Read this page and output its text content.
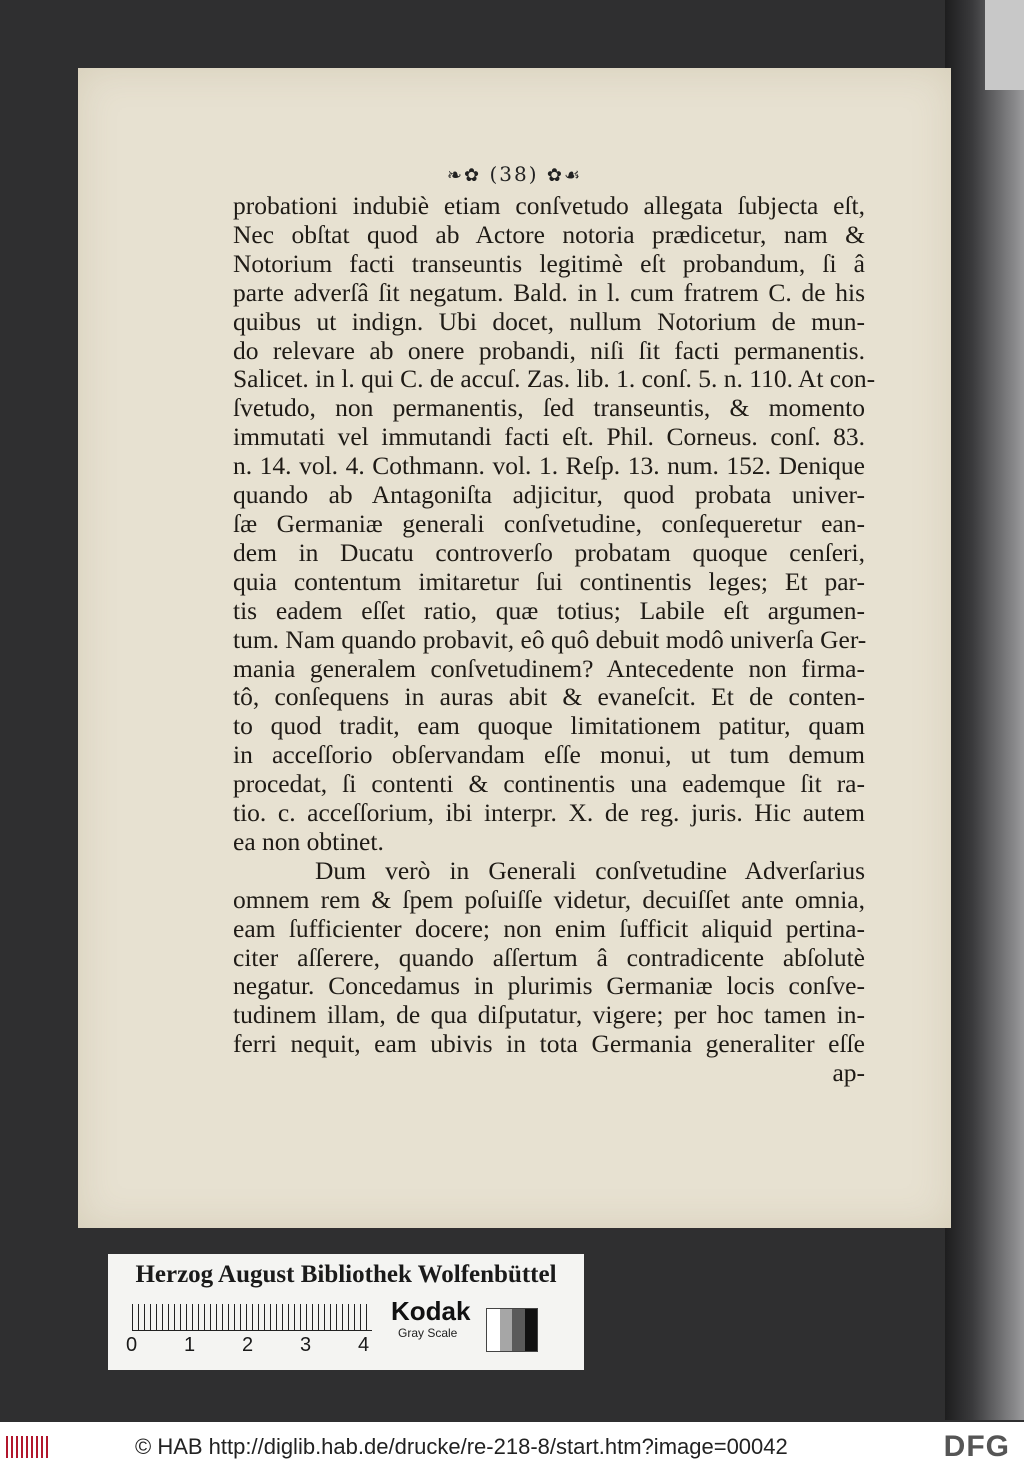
❧✿ (38) ✿☙
probationi indubiè etiam conſvetudo allegata ſubjecta eſt,
Nec obſtat quod ab Actore notoria prædicetur, nam &
Notorium facti transeuntis legitimè eſt probandum, ſi â
parte adverſâ ſit negatum. Bald. in l. cum fratrem C. de his
quibus ut indign. Ubi docet, nullum Notorium de mun-
do relevare ab onere probandi, niſi ſit facti permanentis.
Salicet. in l. qui C. de accuſ. Zas. lib. 1. conſ. 5. n. 110. At con-
ſvetudo, non permanentis, ſed transeuntis, & momento
immutati vel immutandi facti eſt. Phil. Corneus. conſ. 83.
n. 14. vol. 4. Cothmann. vol. 1. Reſp. 13. num. 152. Denique
quando ab Antagoniſta adjicitur, quod probata univer-
ſæ Germaniæ generali conſvetudine, conſequeretur ean-
dem in Ducatu controverſo probatam quoque cenſeri,
quia contentum imitaretur ſui continentis leges; Et par-
tis eadem eſſet ratio, quæ totius; Labile eſt argumen-
tum. Nam quando probavit, eô quô debuit modô univerſa Ger-
mania generalem conſvetudinem? Antecedente non firma-
tô, conſequens in auras abit & evaneſcit. Et de conten-
to quod tradit, eam quoque limitationem patitur, quam
in acceſſorio obſervandam eſſe monui, ut tum demum
procedat, ſi contenti & continentis una eademque ſit ra-
tio. c. acceſſorium, ibi interpr. X. de reg. juris. Hic autem
ea non obtinet.
Dum verò in Generali conſvetudine Adverſarius
omnem rem & ſpem poſuiſſe videtur, decuiſſet ante omnia,
eam ſufficienter docere; non enim ſufficit aliquid pertina-
citer aſſerere, quando aſſertum â contradicente abſolutè
negatur. Concedamus in plurimis Germaniæ locis conſve-
tudinem illam, de qua diſputatur, vigere; per hoc tamen in-
ferri nequit, eam ubivis in tota Germania generaliter eſſe
ap-
Herzog August Bibliothek Wolfenbüttel
0 1 2 3 4
Kodak
Gray Scale
© HAB http://diglib.hab.de/drucke/re-218-8/start.htm?image=00042	DFG
